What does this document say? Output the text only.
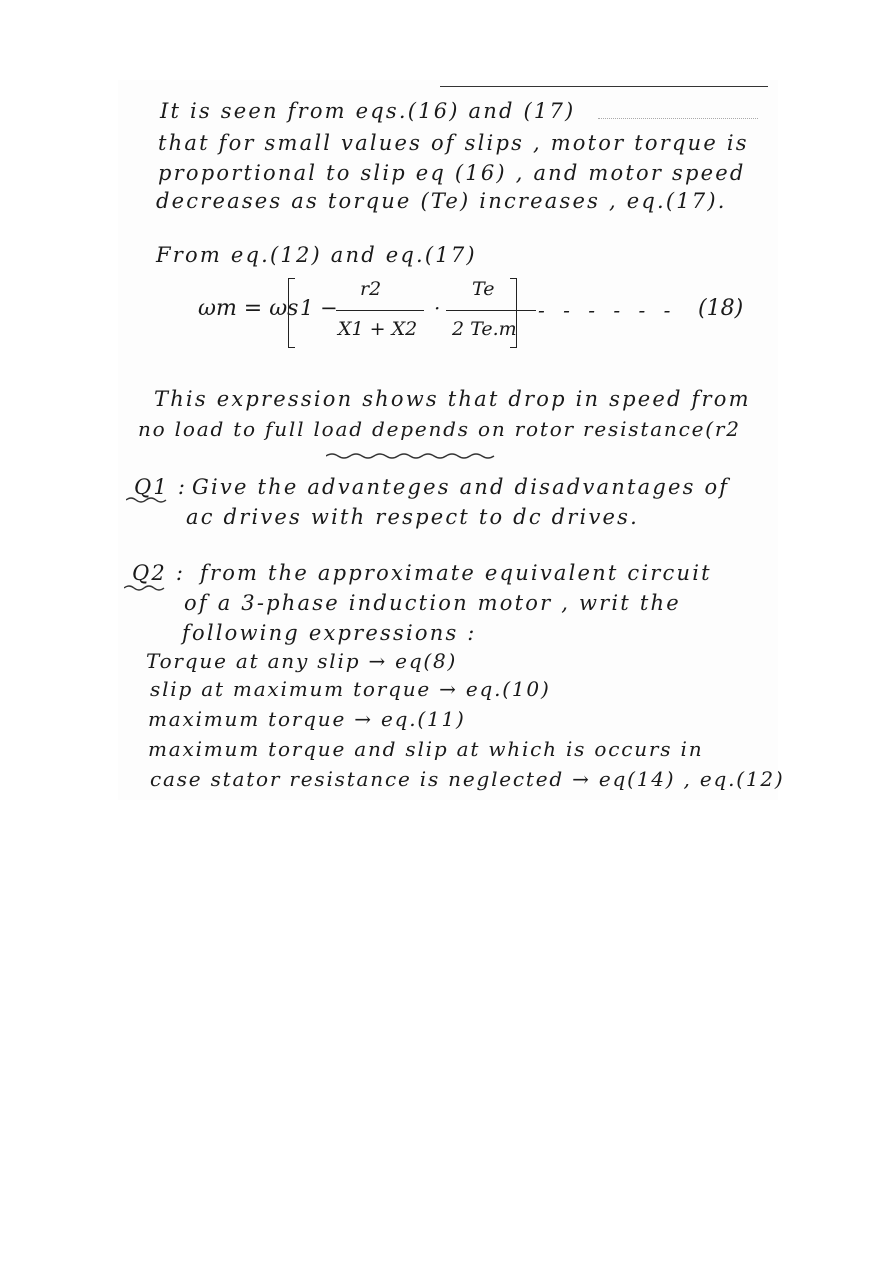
It is seen from eqs.(16) and (17)
that for small values of slips , motor torque is
proportional to slip eq (16) , and motor speed
decreases as torque (Te) increases , eq.(17).
From eq.(12) and eq.(17)
ωm = ωs 1 −
r2
X1 + X2
·
Te
2 Te.m
- - - - - - (18)
This expression shows that drop in speed from
no load to full load depends on rotor resistance(r2
Q1 : Give the advanteges and disadvantages of
ac drives with respect to dc drives.
Q2 : from the approximate equivalent circuit
of a 3-phase induction motor , writ the
following expressions :
Torque at any slip → eq(8)
slip at maximum torque → eq.(10)
maximum torque → eq.(11)
maximum torque and slip at which is occurs in
case stator resistance is neglected → eq(14) , eq.(12)
